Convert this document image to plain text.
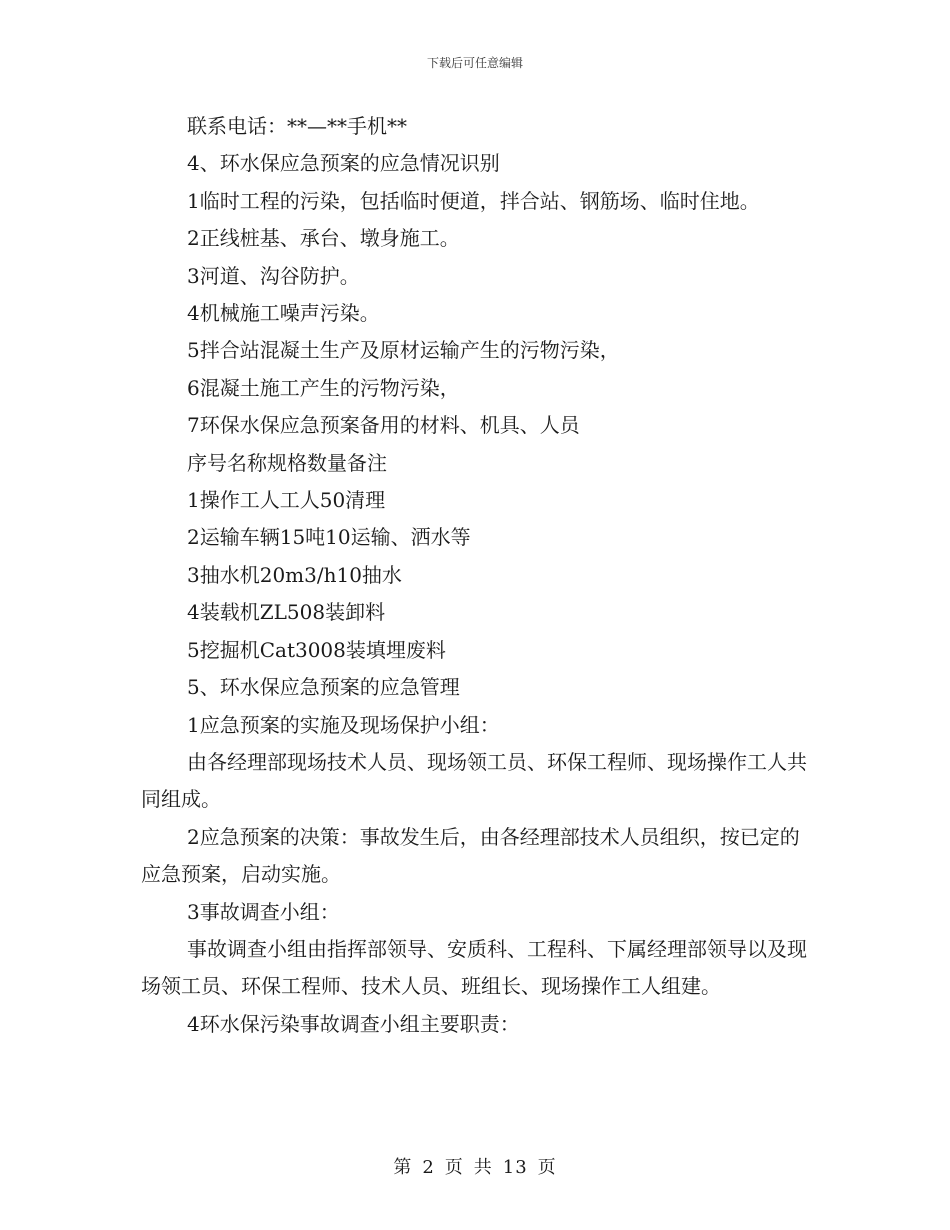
下载后可任意编辑

联系电话：**—**手机**

4、环水保应急预案的应急情况识别

1临时工程的污染，包括临时便道，拌合站、钢筋场、临时住地。

2正线桩基、承台、墩身施工。

3河道、沟谷防护。

4机械施工噪声污染。

5拌合站混凝土生产及原材运输产生的污物污染，

6混凝土施工产生的污物污染，

7环保水保应急预案备用的材料、机具、人员

序号名称规格数量备注

1操作工人工人50清理

2运输车辆15吨10运输、洒水等

3抽水机20m3/h10抽水

4装载机ZL508装卸料

5挖掘机Cat3008装填埋废料

5、环水保应急预案的应急管理

1应急预案的实施及现场保护小组：

由各经理部现场技术人员、现场领工员、环保工程师、现场操作工人共同组成。

2应急预案的决策：事故发生后，由各经理部技术人员组织，按已定的应急预案，启动实施。

3事故调查小组：

事故调查小组由指挥部领导、安质科、工程科、下属经理部领导以及现场领工员、环保工程师、技术人员、班组长、现场操作工人组建。

4环水保污染事故调查小组主要职责：

第 2 页 共 13 页
